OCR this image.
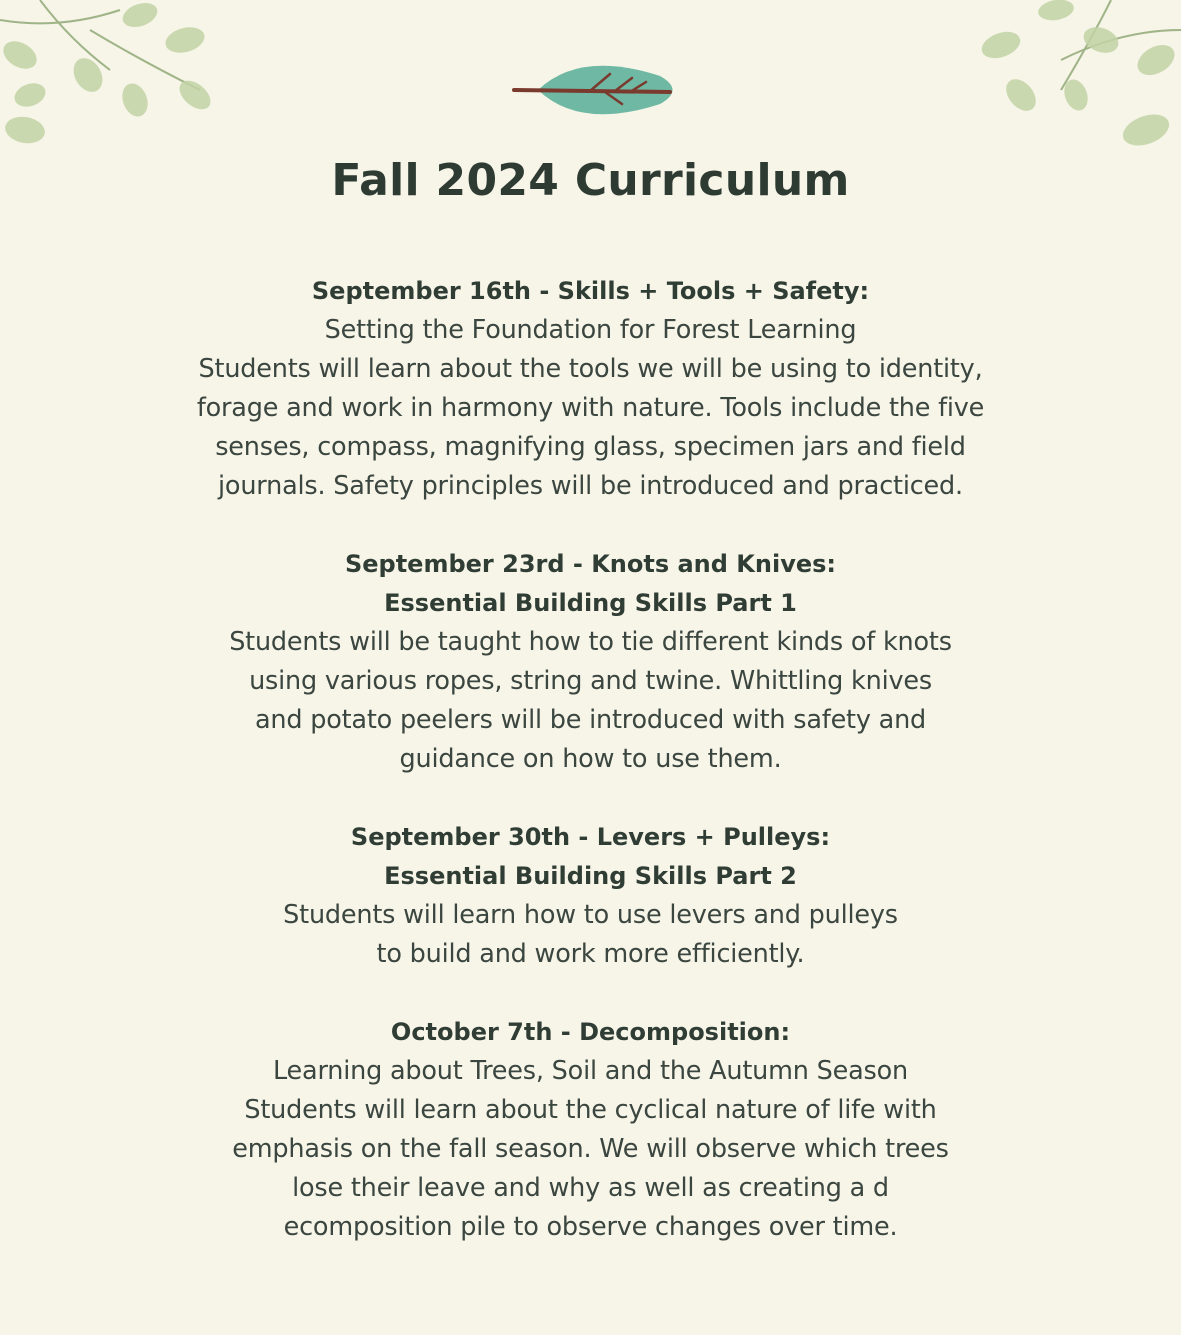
Fall 2024 Curriculum
September 16th - Skills + Tools + Safety:
Setting the Foundation for Forest Learning
Students will learn about the tools we will be using to identity,
forage and work in harmony with nature. Tools include the five
senses, compass, magnifying glass, specimen jars and field
journals. Safety principles will be introduced and practiced.
September 23rd - Knots and Knives:
Essential Building Skills Part 1
Students will be taught how to tie different kinds of knots
using various ropes, string and twine. Whittling knives
and potato peelers will be introduced with safety and
guidance on how to use them.
September 30th - Levers + Pulleys:
Essential Building Skills Part 2
Students will learn how to use levers and pulleys
to build and work more efficiently.
October 7th - Decomposition:
Learning about Trees, Soil and the Autumn Season
Students will learn about the cyclical nature of life with
emphasis on the fall season. We will observe which trees
lose their leave and why as well as creating a d
ecomposition pile to observe changes over time.
